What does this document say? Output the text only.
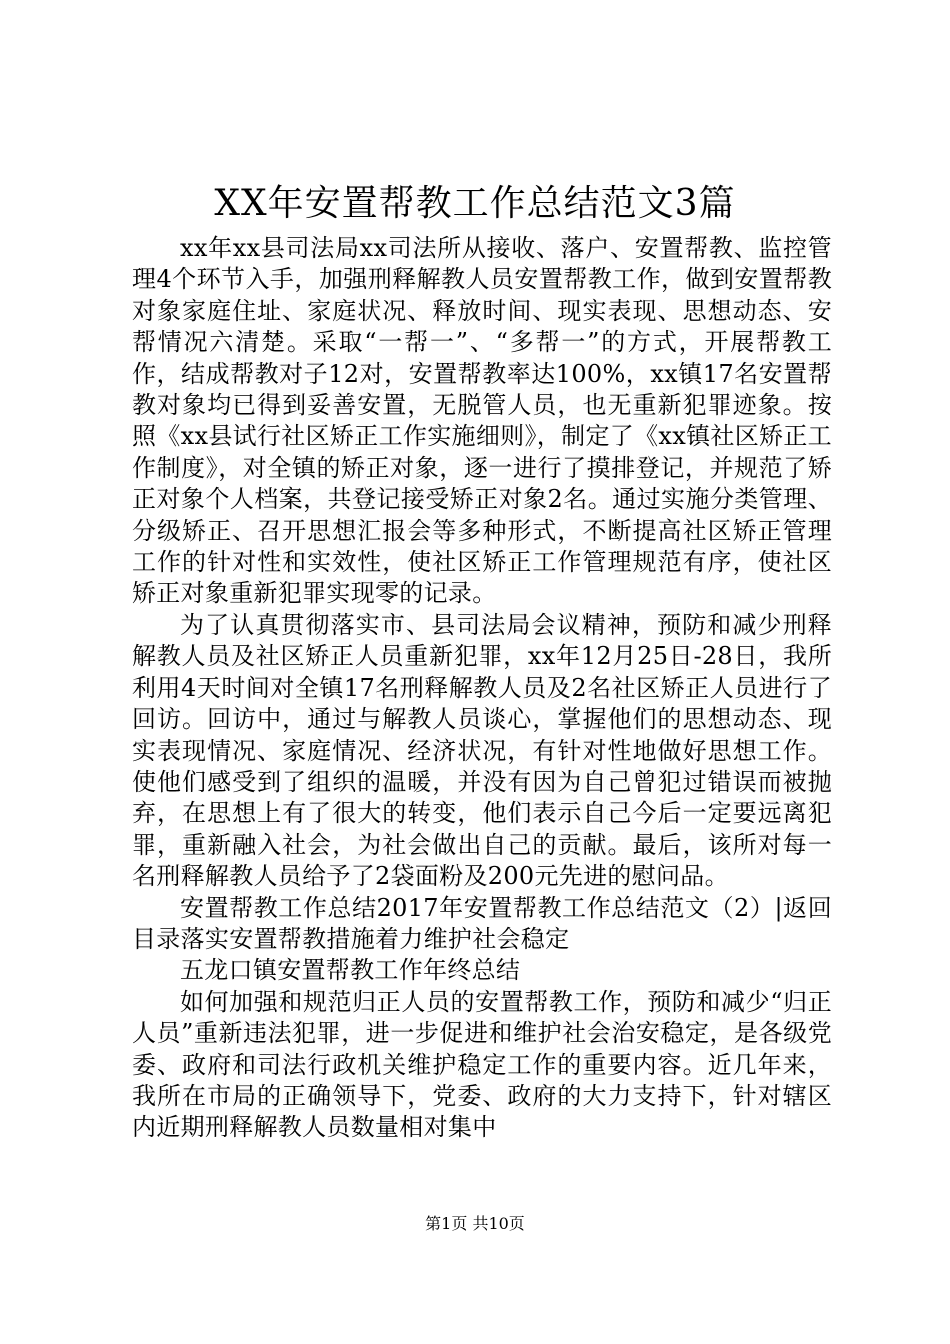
XX年安置帮教工作总结范文3篇

xx年xx县司法局xx司法所从接收、落户、安置帮教、监控管理4个环节入手，加强刑释解教人员安置帮教工作，做到安置帮教对象家庭住址、家庭状况、释放时间、现实表现、思想动态、安帮情况六清楚。采取“一帮一”、“多帮一”的方式，开展帮教工作，结成帮教对子12对，安置帮教率达100%，xx镇17名安置帮教对象均已得到妥善安置，无脱管人员，也无重新犯罪迹象。按照《xx县试行社区矫正工作实施细则》，制定了《xx镇社区矫正工作制度》，对全镇的矫正对象，逐一进行了摸排登记，并规范了矫正对象个人档案，共登记接受矫正对象2名。通过实施分类管理、分级矫正、召开思想汇报会等多种形式，不断提高社区矫正管理工作的针对性和实效性，使社区矫正工作管理规范有序，使社区矫正对象重新犯罪实现零的记录。

为了认真贯彻落实市、县司法局会议精神，预防和减少刑释解教人员及社区矫正人员重新犯罪，xx年12月25日-28日，我所利用4天时间对全镇17名刑释解教人员及2名社区矫正人员进行了回访。回访中，通过与解教人员谈心，掌握他们的思想动态、现实表现情况、家庭情况、经济状况，有针对性地做好思想工作。使他们感受到了组织的温暖，并没有因为自己曾犯过错误而被抛弃，在思想上有了很大的转变，他们表示自己今后一定要远离犯罪，重新融入社会，为社会做出自己的贡献。最后，该所对每一名刑释解教人员给予了2袋面粉及200元先进的慰问品。

安置帮教工作总结2017年安置帮教工作总结范文（2）|返回目录落实安置帮教措施着力维护社会稳定

五龙口镇安置帮教工作年终总结

如何加强和规范归正人员的安置帮教工作，预防和减少“归正人员”重新违法犯罪，进一步促进和维护社会治安稳定，是各级党委、政府和司法行政机关维护稳定工作的重要内容。近几年来，我所在市局的正确领导下，党委、政府的大力支持下，针对辖区内近期刑释解教人员数量相对集中

第1页 共10页
